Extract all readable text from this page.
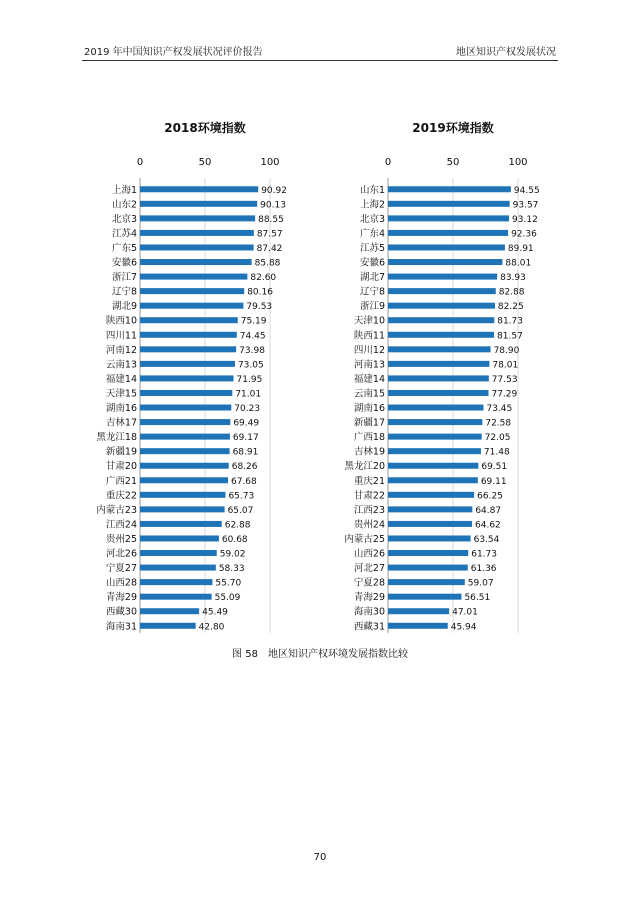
2019 年中国知识产权发展状况评价报告	地区知识产权发展状况
2018环境指数
0	50	100
上海1	90.92
山东2	90.13
北京3	88.55
江苏4	87.57
广东5	87.42
安徽6	85.88
浙江7	82.60
辽宁8	80.16
湖北9	79.53
陕西10	75.19
四川11	74.45
河南12	73.98
云南13	73.05
福建14	71.95
天津15	71.01
湖南16	70.23
吉林17	69.49
黑龙江18	69.17
新疆19	68.91
甘肃20	68.26
广西21	67.68
重庆22	65.73
内蒙古23	65.07
江西24	62.88
贵州25	60.68
河北26	59.02
宁夏27	58.33
山西28	55.70
青海29	55.09
西藏30	45.49
海南31	42.80
2019环境指数
0	50	100
山东1	94.55
上海2	93.57
北京3	93.12
广东4	92.36
江苏5	89.91
安徽6	88.01
湖北7	83.93
辽宁8	82.88
浙江9	82.25
天津10	81.73
陕西11	81.57
四川12	78.90
河南13	78.01
福建14	77.53
云南15	77.29
湖南16	73.45
新疆17	72.58
广西18	72.05
吉林19	71.48
黑龙江20	69.51
重庆21	69.11
甘肃22	66.25
江西23	64.87
贵州24	64.62
内蒙古25	63.54
山西26	61.73
河北27	61.36
宁夏28	59.07
青海29	56.51
海南30	47.01
西藏31	45.94
图 58　地区知识产权环境发展指数比较
70
